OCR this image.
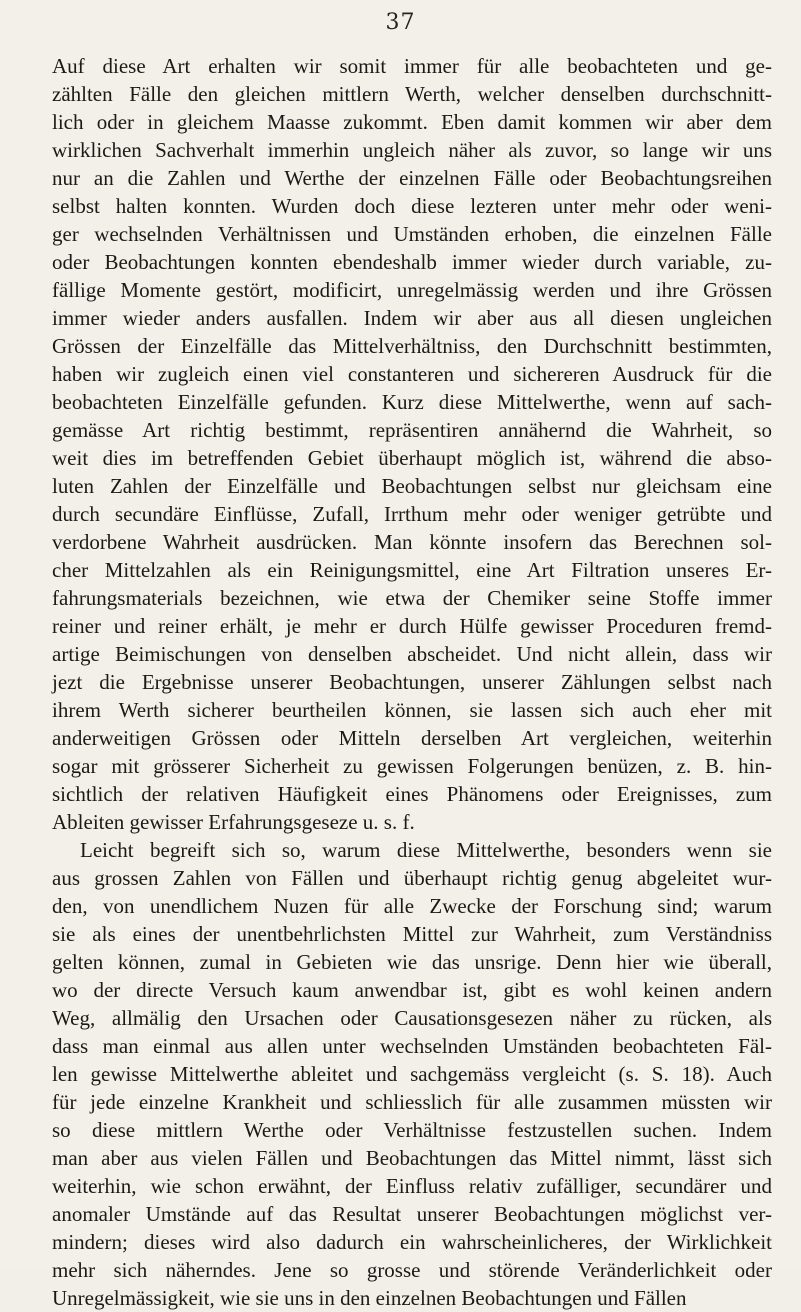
37
Auf diese Art erhalten wir somit immer für alle beobachteten und ge-
zählten Fälle den gleichen mittlern Werth, welcher denselben durchschnitt-
lich oder in gleichem Maasse zukommt. Eben damit kommen wir aber dem
wirklichen Sachverhalt immerhin ungleich näher als zuvor, so lange wir uns
nur an die Zahlen und Werthe der einzelnen Fälle oder Beobachtungsreihen
selbst halten konnten. Wurden doch diese lezteren unter mehr oder weni-
ger wechselnden Verhältnissen und Umständen erhoben, die einzelnen Fälle
oder Beobachtungen konnten ebendeshalb immer wieder durch variable, zu-
fällige Momente gestört, modificirt, unregelmässig werden und ihre Grössen
immer wieder anders ausfallen. Indem wir aber aus all diesen ungleichen
Grössen der Einzelfälle das Mittelverhältniss, den Durchschnitt bestimmten,
haben wir zugleich einen viel constanteren und sichereren Ausdruck für die
beobachteten Einzelfälle gefunden. Kurz diese Mittelwerthe, wenn auf sach-
gemässe Art richtig bestimmt, repräsentiren annähernd die Wahrheit, so
weit dies im betreffenden Gebiet überhaupt möglich ist, während die abso-
luten Zahlen der Einzelfälle und Beobachtungen selbst nur gleichsam eine
durch secundäre Einflüsse, Zufall, Irrthum mehr oder weniger getrübte und
verdorbene Wahrheit ausdrücken. Man könnte insofern das Berechnen sol-
cher Mittelzahlen als ein Reinigungsmittel, eine Art Filtration unseres Er-
fahrungsmaterials bezeichnen, wie etwa der Chemiker seine Stoffe immer
reiner und reiner erhält, je mehr er durch Hülfe gewisser Proceduren fremd-
artige Beimischungen von denselben abscheidet. Und nicht allein, dass wir
jezt die Ergebnisse unserer Beobachtungen, unserer Zählungen selbst nach
ihrem Werth sicherer beurtheilen können, sie lassen sich auch eher mit
anderweitigen Grössen oder Mitteln derselben Art vergleichen, weiterhin
sogar mit grösserer Sicherheit zu gewissen Folgerungen benüzen, z. B. hin-
sichtlich der relativen Häufigkeit eines Phänomens oder Ereignisses, zum
Ableiten gewisser Erfahrungsgeseze u. s. f.
Leicht begreift sich so, warum diese Mittelwerthe, besonders wenn sie
aus grossen Zahlen von Fällen und überhaupt richtig genug abgeleitet wur-
den, von unendlichem Nuzen für alle Zwecke der Forschung sind; warum
sie als eines der unentbehrlichsten Mittel zur Wahrheit, zum Verständniss
gelten können, zumal in Gebieten wie das unsrige. Denn hier wie überall,
wo der directe Versuch kaum anwendbar ist, gibt es wohl keinen andern
Weg, allmälig den Ursachen oder Causationsgesezen näher zu rücken, als
dass man einmal aus allen unter wechselnden Umständen beobachteten Fäl-
len gewisse Mittelwerthe ableitet und sachgemäss vergleicht (s. S. 18). Auch
für jede einzelne Krankheit und schliesslich für alle zusammen müssten wir
so diese mittlern Werthe oder Verhältnisse festzustellen suchen. Indem
man aber aus vielen Fällen und Beobachtungen das Mittel nimmt, lässt sich
weiterhin, wie schon erwähnt, der Einfluss relativ zufälliger, secundärer und
anomaler Umstände auf das Resultat unserer Beobachtungen möglichst ver-
mindern; dieses wird also dadurch ein wahrscheinlicheres, der Wirklichkeit
mehr sich näherndes. Jene so grosse und störende Veränderlichkeit oder
Unregelmässigkeit, wie sie uns in den einzelnen Beobachtungen und Fällen
